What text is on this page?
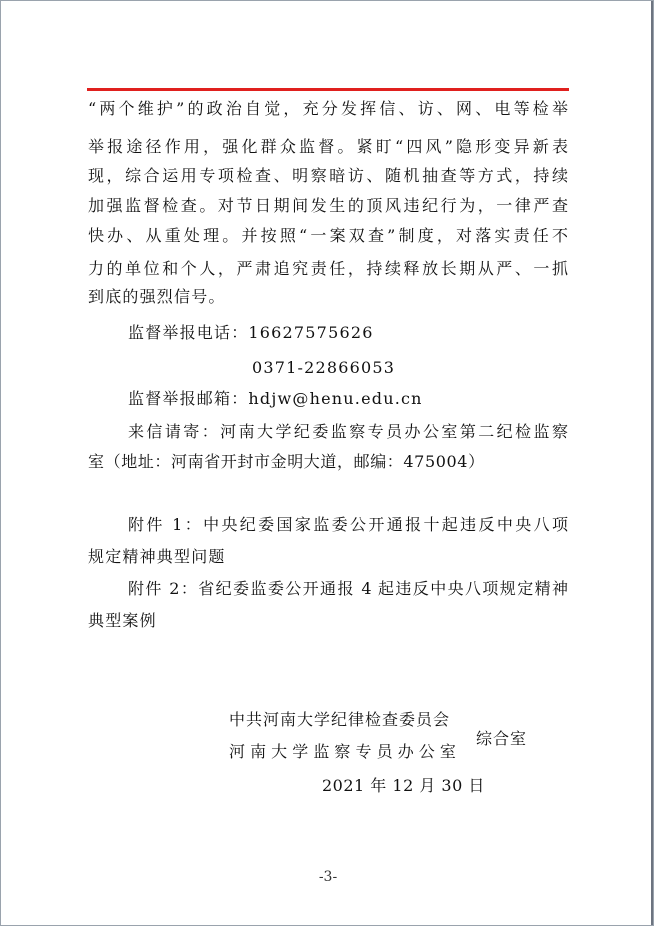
“两个维护”的政治自觉，充分发挥信、访、网、电等检举
举报途径作用，强化群众监督。紧盯“四风”隐形变异新表
现，综合运用专项检查、明察暗访、随机抽查等方式，持续
加强监督检查。对节日期间发生的顶风违纪行为，一律严查
快办、从重处理。并按照“一案双查”制度，对落实责任不
力的单位和个人，严肃追究责任，持续释放长期从严、一抓
到底的强烈信号。
监督举报电话：16627575626
0371-22866053
监督举报邮箱：hdjw@henu.edu.cn
来信请寄：河南大学纪委监察专员办公室第二纪检监察
室（地址：河南省开封市金明大道，邮编：475004）
附件 1：中央纪委国家监委公开通报十起违反中央八项
规定精神典型问题
附件 2：省纪委监委公开通报 4 起违反中央八项规定精神
典型案例
中共河南大学纪律检查委员会
河 南 大 学 监 察 专 员 办 公 室
综合室
2021 年 12 月 30 日
-3-
